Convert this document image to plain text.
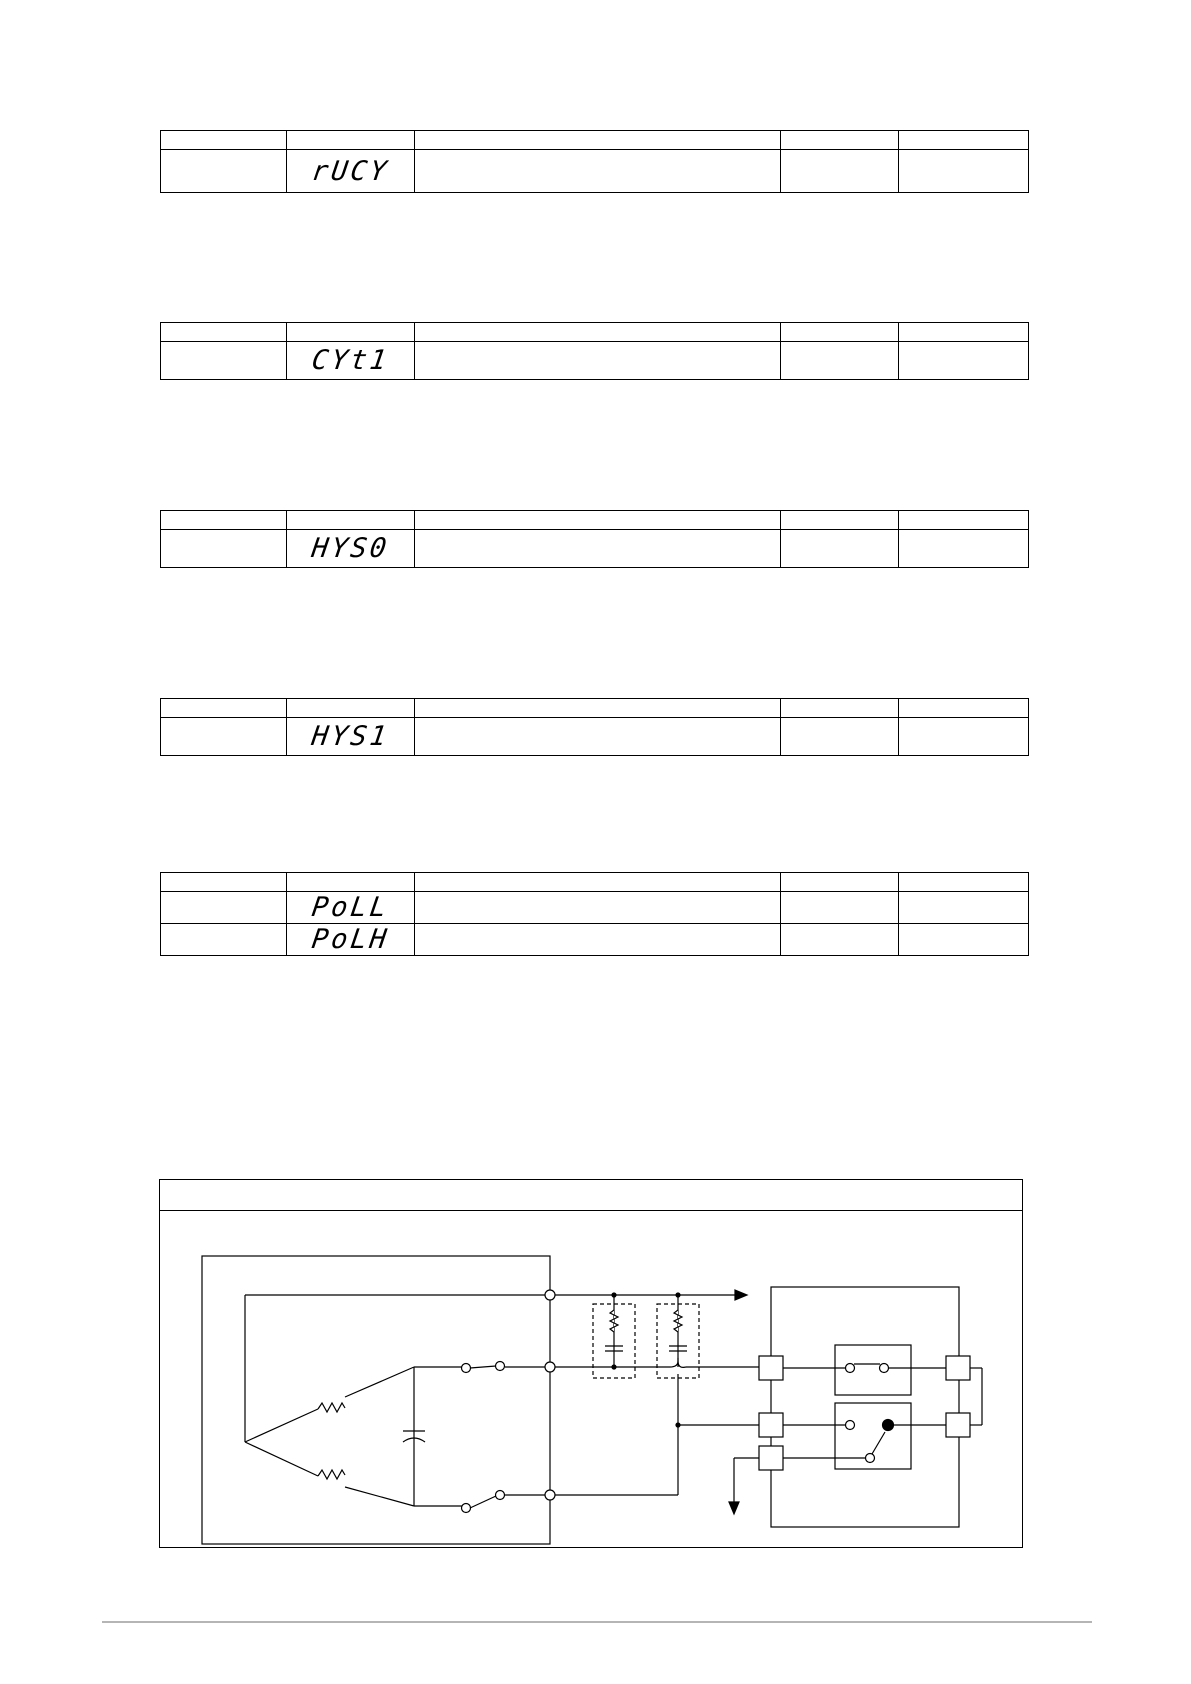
	rUCY			

	CYt1			

	HYS0			

	HYS1			

	PoLL			
	PoLH			
